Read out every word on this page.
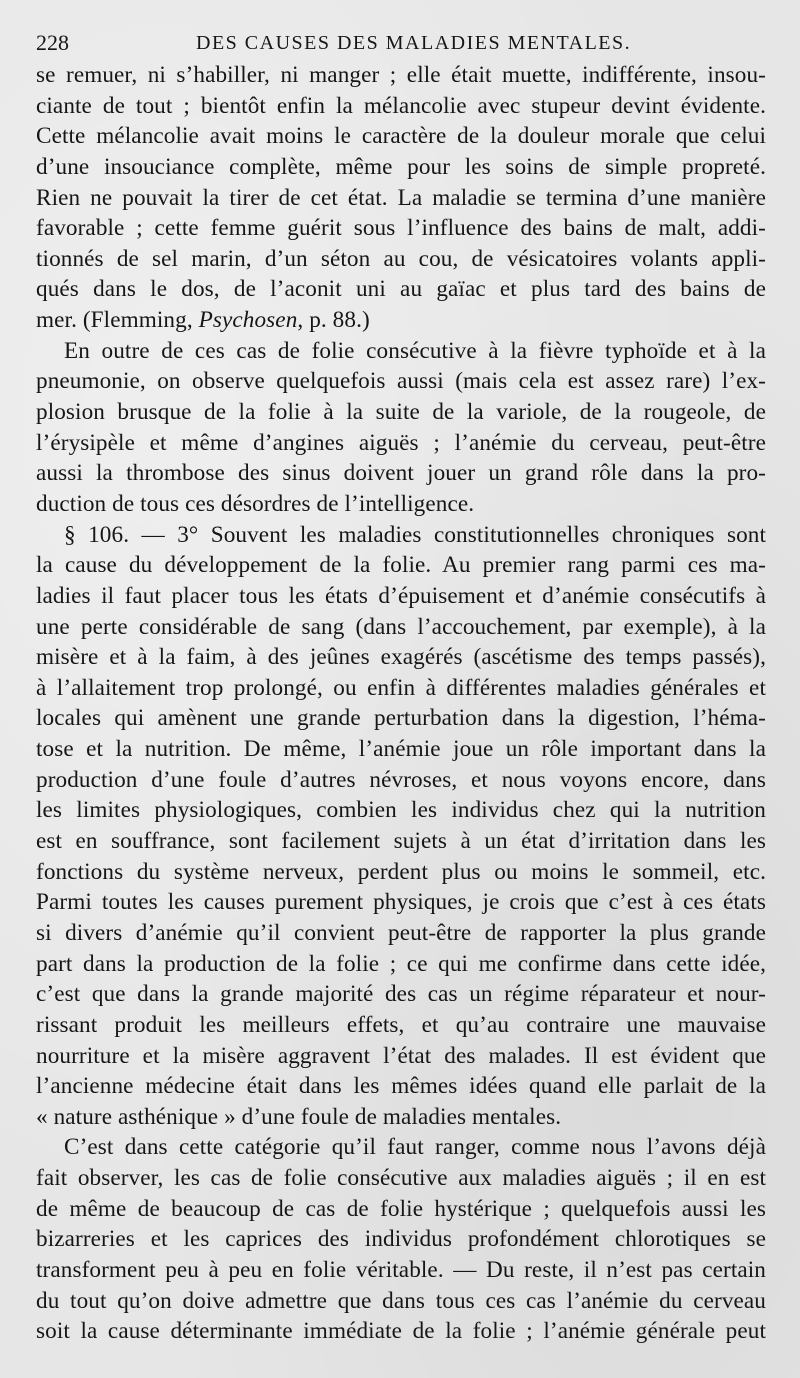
228	DES CAUSES DES MALADIES MENTALES.
se remuer, ni s’habiller, ni manger ; elle était muette, indifférente, insou-
ciante de tout ; bientôt enfin la mélancolie avec stupeur devint évidente.
Cette mélancolie avait moins le caractère de la douleur morale que celui
d’une insouciance complète, même pour les soins de simple propreté.
Rien ne pouvait la tirer de cet état. La maladie se termina d’une manière
favorable ; cette femme guérit sous l’influence des bains de malt, addi-
tionnés de sel marin, d’un séton au cou, de vésicatoires volants appli-
qués dans le dos, de l’aconit uni au gaïac et plus tard des bains de
mer. (Flemming, Psychosen, p. 88.)
En outre de ces cas de folie consécutive à la fièvre typhoïde et à la
pneumonie, on observe quelquefois aussi (mais cela est assez rare) l’ex-
plosion brusque de la folie à la suite de la variole, de la rougeole, de
l’érysipèle et même d’angines aiguës ; l’anémie du cerveau, peut-être
aussi la thrombose des sinus doivent jouer un grand rôle dans la pro-
duction de tous ces désordres de l’intelligence.
§ 106. — 3° Souvent les maladies constitutionnelles chroniques sont
la cause du développement de la folie. Au premier rang parmi ces ma-
ladies il faut placer tous les états d’épuisement et d’anémie consécutifs à
une perte considérable de sang (dans l’accouchement, par exemple), à la
misère et à la faim, à des jeûnes exagérés (ascétisme des temps passés),
à l’allaitement trop prolongé, ou enfin à différentes maladies générales et
locales qui amènent une grande perturbation dans la digestion, l’héma-
tose et la nutrition. De même, l’anémie joue un rôle important dans la
production d’une foule d’autres névroses, et nous voyons encore, dans
les limites physiologiques, combien les individus chez qui la nutrition
est en souffrance, sont facilement sujets à un état d’irritation dans les
fonctions du système nerveux, perdent plus ou moins le sommeil, etc.
Parmi toutes les causes purement physiques, je crois que c’est à ces états
si divers d’anémie qu’il convient peut-être de rapporter la plus grande
part dans la production de la folie ; ce qui me confirme dans cette idée,
c’est que dans la grande majorité des cas un régime réparateur et nour-
rissant produit les meilleurs effets, et qu’au contraire une mauvaise
nourriture et la misère aggravent l’état des malades. Il est évident que
l’ancienne médecine était dans les mêmes idées quand elle parlait de la
« nature asthénique » d’une foule de maladies mentales.
C’est dans cette catégorie qu’il faut ranger, comme nous l’avons déjà
fait observer, les cas de folie consécutive aux maladies aiguës ; il en est
de même de beaucoup de cas de folie hystérique ; quelquefois aussi les
bizarreries et les caprices des individus profondément chlorotiques se
transforment peu à peu en folie véritable. — Du reste, il n’est pas certain
du tout qu’on doive admettre que dans tous ces cas l’anémie du cerveau
soit la cause déterminante immédiate de la folie ; l’anémie générale peut
